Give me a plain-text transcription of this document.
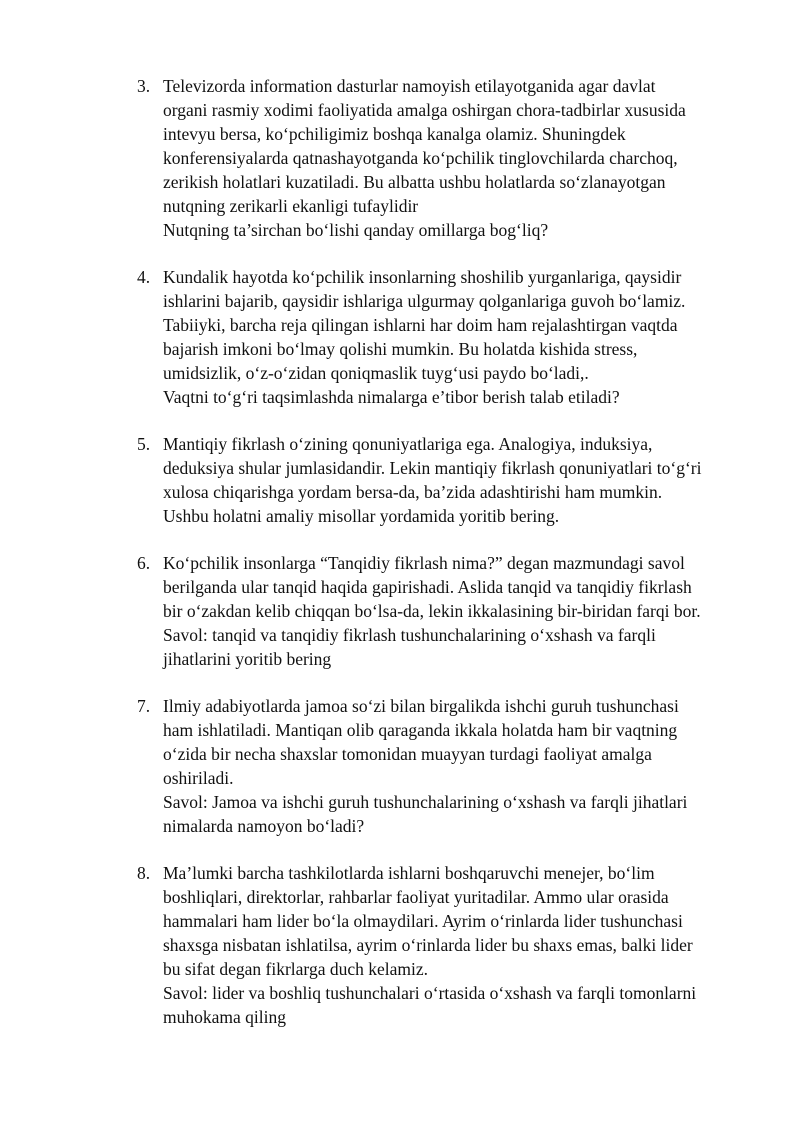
3. Televizorda information dasturlar namoyish etilayotganida agar davlat
organi rasmiy xodimi faoliyatida amalga oshirgan chora-tadbirlar xususida
intevyu bersa, ko‘pchiligimiz boshqa kanalga olamiz. Shuningdek
konferensiyalarda qatnashayotganda ko‘pchilik tinglovchilarda charchoq,
zerikish holatlari kuzatiladi. Bu albatta ushbu holatlarda so‘zlanayotgan
nutqning zerikarli ekanligi tufaylidir
Nutqning ta’sirchan bo‘lishi qanday omillarga bog‘liq?
4. Kundalik hayotda ko‘pchilik insonlarning shoshilib yurganlariga, qaysidir
ishlarini bajarib, qaysidir ishlariga ulgurmay qolganlariga guvoh bo‘lamiz.
Tabiiyki, barcha reja qilingan ishlarni har doim ham rejalashtirgan vaqtda
bajarish imkoni bo‘lmay qolishi mumkin. Bu holatda kishida stress,
umidsizlik, o‘z-o‘zidan qoniqmaslik tuyg‘usi paydo bo‘ladi,.
Vaqtni to‘g‘ri taqsimlashda nimalarga e’tibor berish talab etiladi?
5. Mantiqiy fikrlash o‘zining qonuniyatlariga ega. Analogiya, induksiya,
deduksiya shular jumlasidandir. Lekin mantiqiy fikrlash qonuniyatlari to‘g‘ri
xulosa chiqarishga yordam bersa-da, ba’zida adashtirishi ham mumkin.
Ushbu holatni amaliy misollar yordamida yoritib bering.
6. Ko‘pchilik insonlarga “Tanqidiy fikrlash nima?” degan mazmundagi savol
berilganda ular tanqid haqida gapirishadi. Aslida tanqid va tanqidiy fikrlash
bir o‘zakdan kelib chiqqan bo‘lsa-da, lekin ikkalasining bir-biridan farqi bor.
Savol: tanqid va tanqidiy fikrlash tushunchalarining o‘xshash va farqli
jihatlarini yoritib bering
7. Ilmiy adabiyotlarda jamoa so‘zi bilan birgalikda ishchi guruh tushunchasi
ham ishlatiladi. Mantiqan olib qaraganda ikkala holatda ham bir vaqtning
o‘zida bir necha shaxslar tomonidan muayyan turdagi faoliyat amalga
oshiriladi.
Savol: Jamoa va ishchi guruh tushunchalarining o‘xshash va farqli jihatlari
nimalarda namoyon bo‘ladi?
8. Ma’lumki barcha tashkilotlarda ishlarni boshqaruvchi menejer, bo‘lim
boshliqlari, direktorlar, rahbarlar faoliyat yuritadilar. Ammo ular orasida
hammalari ham lider bo‘la olmaydilari. Ayrim o‘rinlarda lider tushunchasi
shaxsga nisbatan ishlatilsa, ayrim o‘rinlarda lider bu shaxs emas, balki lider
bu sifat degan fikrlarga duch kelamiz.
Savol: lider va boshliq tushunchalari o‘rtasida o‘xshash va farqli tomonlarni
muhokama qiling
